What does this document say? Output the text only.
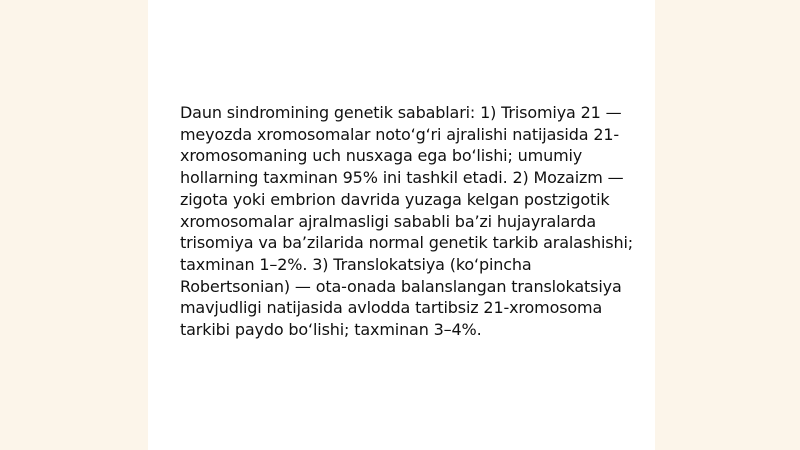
Daun sindromining genetik sabablari: 1) Trisomiya 21 — meyozda xromosomalar noto‘g‘ri ajralishi natijasida 21-xromosomaning uch nusxaga ega bo‘lishi; umumiy hollarning taxminan 95% ini tashkil etadi. 2) Mozaizm — zigota yoki embrion davrida yuzaga kelgan postzigotik xromosomalar ajralmasligi sababli ba’zi hujayralarda trisomiya va ba’zilarida normal genetik tarkib aralashishi; taxminan 1–2%. 3) Translokatsiya (ko‘pincha Robertsonian) — ota-onada balanslangan translokatsiya mavjudligi natijasida avlodda tartibsiz 21-xromosoma tarkibi paydo bo‘lishi; taxminan 3–4%.
